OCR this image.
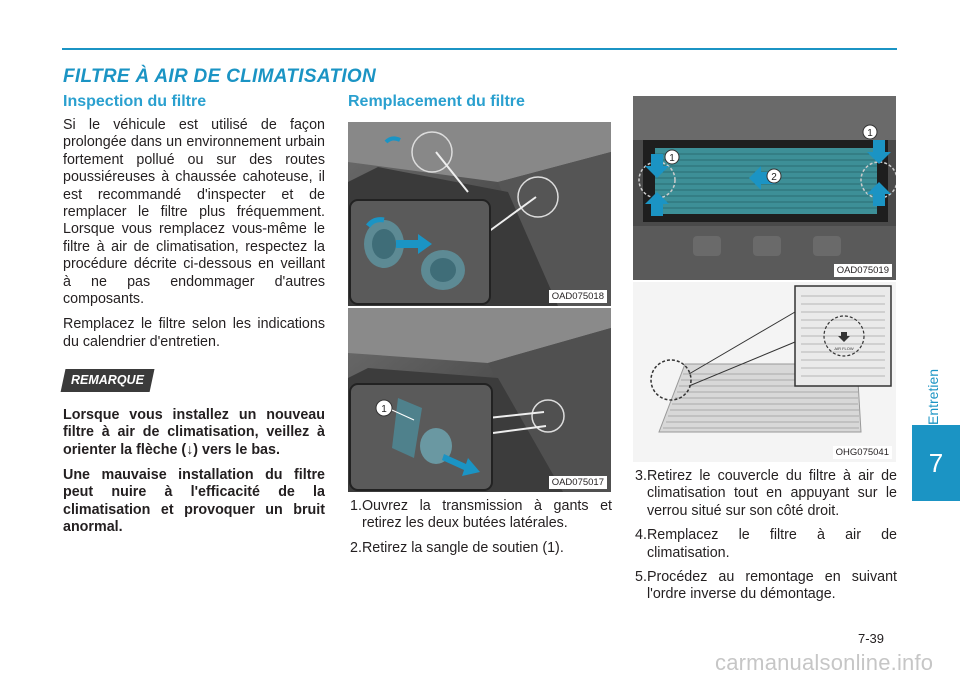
FILTRE À AIR DE CLIMATISATION
Inspection du filtre

Si le véhicule est utilisé de façon prolongée dans un environnement urbain fortement pollué ou sur des routes poussiéreuses à chaussée cahoteuse, il est recommandé d'inspecter et de remplacer le filtre plus fréquemment. Lorsque vous remplacez vous-même le filtre à air de climatisation, respectez la procédure décrite ci-dessous en veillant à ne pas endommager d'autres composants.

Remplacez le filtre selon les indications du calendrier d'entretien.

REMARQUE

Lorsque vous installez un nouveau filtre à air de climatisation, veillez à orienter la flèche (↓) vers le bas.

Une mauvaise installation du filtre peut nuire à l'efficacité de la climatisation et provoquer un bruit anormal.

Remplacement du filtre
OAD075018
1
OAD075017
1. Ouvrez la transmission à gants et retirez les deux butées latérales.
2. Retirez la sangle de soutien (1).
1
1
2
OAD075019
AIR FLOW
OHG075041
3. Retirez le couvercle du filtre à air de climatisation tout en appuyant sur le verrou situé sur son côté droit.
4. Remplacez le filtre à air de climatisation.
5. Procédez au remontage en suivant l'ordre inverse du démontage.
Entretien
7
7-39
carmanualsonline.info
